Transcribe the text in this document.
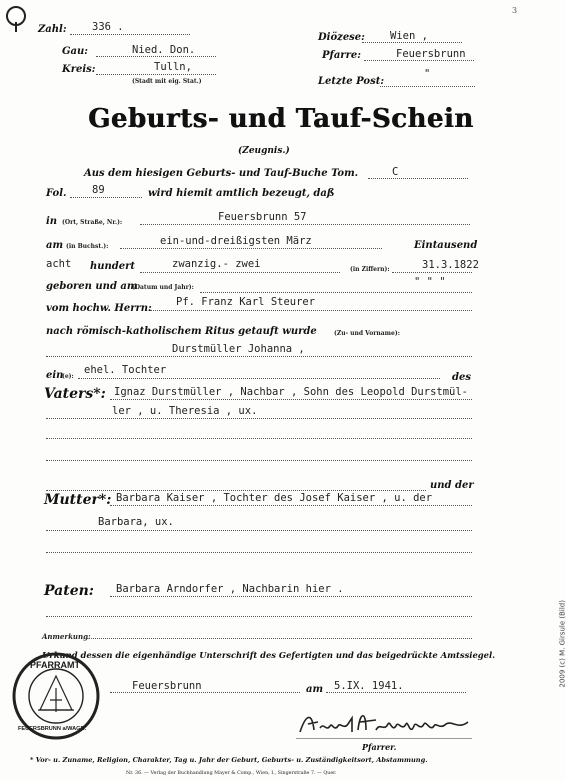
3
Zahl: 336 .
Diözese: Wien ,
Gau:	Nied. Don.	Pfarre:	Feuersbrunn
Kreis:	Tulln,
(Stadt mit eig. Stat.)	Letzte Post:
"
Geburts- und Tauf-Schein
(Zeugnis.)
Aus dem hiesigen Geburts- und Tauf-Buche Tom.	C
Fol. 89	wird hiemit amtlich bezeugt, daß
in (Ort, Straße, Nr.):	Feuersbrunn 57
am (in Buchst.):	ein-und-dreißigsten März	Eintausend
acht hundert	zwanzig.- zwei	(in Ziffern):	31.3.1822
geboren und am
(Datum und Jahr):	" " "
vom hochw. Herrn:
Pf. Franz Karl Steurer
nach römisch-katholischem Ritus getauft wurde	(Zu- und Vorname):
Durstmüller Johanna ,
ein
(e):
ehel. Tochter
des
Vaters*: Ignaz Durstmüller , Nachbar , Sohn des Leopold Durstmül-
ler , u. Theresia , ux.
und der
Mutter*: Barbara Kaiser , Tochter des Josef Kaiser , u. der
Barbara, ux.
Paten: Barbara Arndorfer , Nachbarin hier .
Anmerkung:
Urkund dessen die eigenhändige Unterschrift des Gefertigten und das beigedrückte Amtssiegel.
Feuersbrunn	am 5.IX. 1941.
Pfarrer.
PFARRAMT
FEUERSBRUNN a/WAGR.
* Vor- u. Zuname, Religion, Charakter, Tag u. Jahr der Geburt, Geburts- u. Zuständigkeitsort, Abstammung.
Nr. 36. — Verlag der Buchhandlung Mayer & Comp., Wien, I., Singerstraße 7. — Quer.
2009 (c) M. Girsule (Bild)
